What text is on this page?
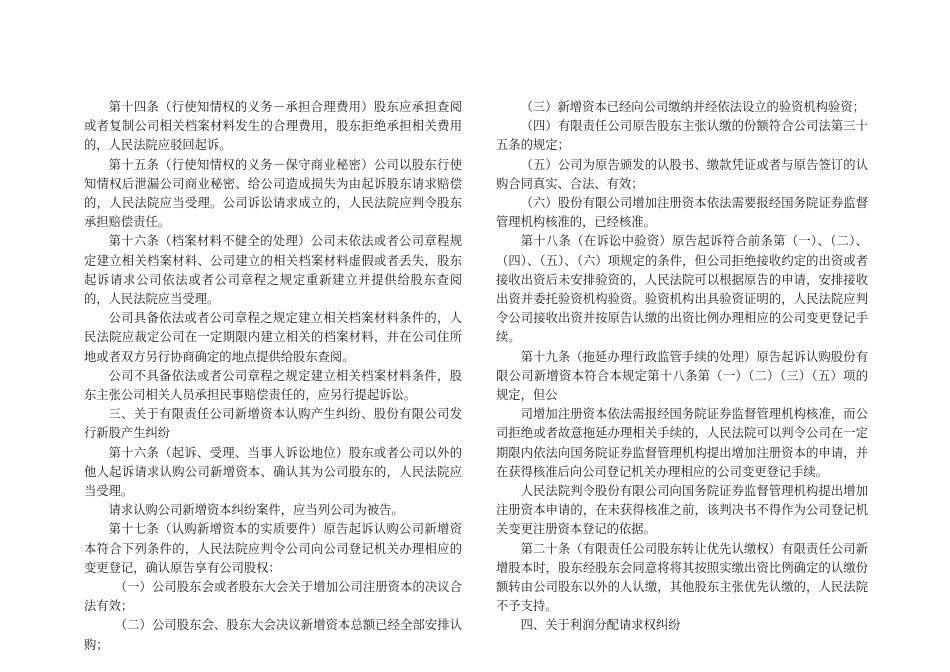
第十四条（行使知情权的义务－承担合理费用）股东应承担查阅或者复制公司相关档案材料发生的合理费用，股东拒绝承担相关费用的，人民法院应驳回起诉。

第十五条（行使知情权的义务－保守商业秘密）公司以股东行使知情权后泄漏公司商业秘密、给公司造成损失为由起诉股东请求赔偿的，人民法院应当受理。公司诉讼请求成立的，人民法院应判令股东承担赔偿责任。

第十六条（档案材料不健全的处理）公司未依法或者公司章程规定建立相关档案材料、公司建立的相关档案材料虚假或者丢失，股东起诉请求公司依法或者公司章程之规定重新建立并提供给股东查阅的，人民法院应当受理。

公司具备依法或者公司章程之规定建立相关档案材料条件的，人民法院应裁定公司在一定期限内建立相关的档案材料，并在公司住所地或者双方另行协商确定的地点提供给股东查阅。

公司不具备依法或者公司章程之规定建立相关档案材料条件，股东主张公司相关人员承担民事赔偿责任的，应另行提起诉讼。

三、关于有限责任公司新增资本认购产生纠纷、股份有限公司发行新股产生纠纷

第十六条（起诉、受理、当事人诉讼地位）股东或者公司以外的他人起诉请求认购公司新增资本、确认其为公司股东的，人民法院应当受理。

请求认购公司新增资本纠纷案件，应当列公司为被告。

第十七条（认购新增资本的实质要件）原告起诉认购公司新增资本符合下列条件的，人民法院应判令公司向公司登记机关办理相应的变更登记，确认原告享有公司股权：

（一）公司股东会或者股东大会关于增加公司注册资本的决议合法有效；

（二）公司股东会、股东大会决议新增资本总额已经全部安排认购；

（三）新增资本已经向公司缴纳并经依法设立的验资机构验资；

（四）有限责任公司原告股东主张认缴的份额符合公司法第三十五条的规定；

（五）公司为原告颁发的认股书、缴款凭证或者与原告签订的认购合同真实、合法、有效；

（六）股份有限公司增加注册资本依法需要报经国务院证券监督管理机构核准的，已经核准。

第十八条（在诉讼中验资）原告起诉符合前条第（一）、（二）、（四）、（五）、（六）项规定的条件，但公司拒绝接收约定的出资或者接收出资后未安排验资的，人民法院可以根据原告的申请，安排接收出资并委托验资机构验资。验资机构出具验资证明的，人民法院应判令公司接收出资并按原告认缴的出资比例办理相应的公司变更登记手续。

第十九条（拖延办理行政监管手续的处理）原告起诉认购股份有限公司新增资本符合本规定第十八条第（一）（二）（三）（五）项的规定，但公

司增加注册资本依法需报经国务院证券监督管理机构核准，而公司拒绝或者故意拖延办理相关手续的，人民法院可以判令公司在一定期限内依法向国务院证券监督管理机构提出增加注册资本的申请，并在获得核准后向公司登记机关办理相应的公司变更登记手续。

人民法院判令股份有限公司向国务院证券监督管理机构提出增加注册资本申请的，在未获得核准之前，该判决书不得作为公司登记机关变更注册资本登记的依据。

第二十条（有限责任公司股东转让优先认缴权）有限责任公司新增股本时，股东经股东会同意将将其按照实缴出资比例确定的认缴份额转由公司股东以外的人认缴，其他股东主张优先认缴的，人民法院不予支持。

四、关于利润分配请求权纠纷
